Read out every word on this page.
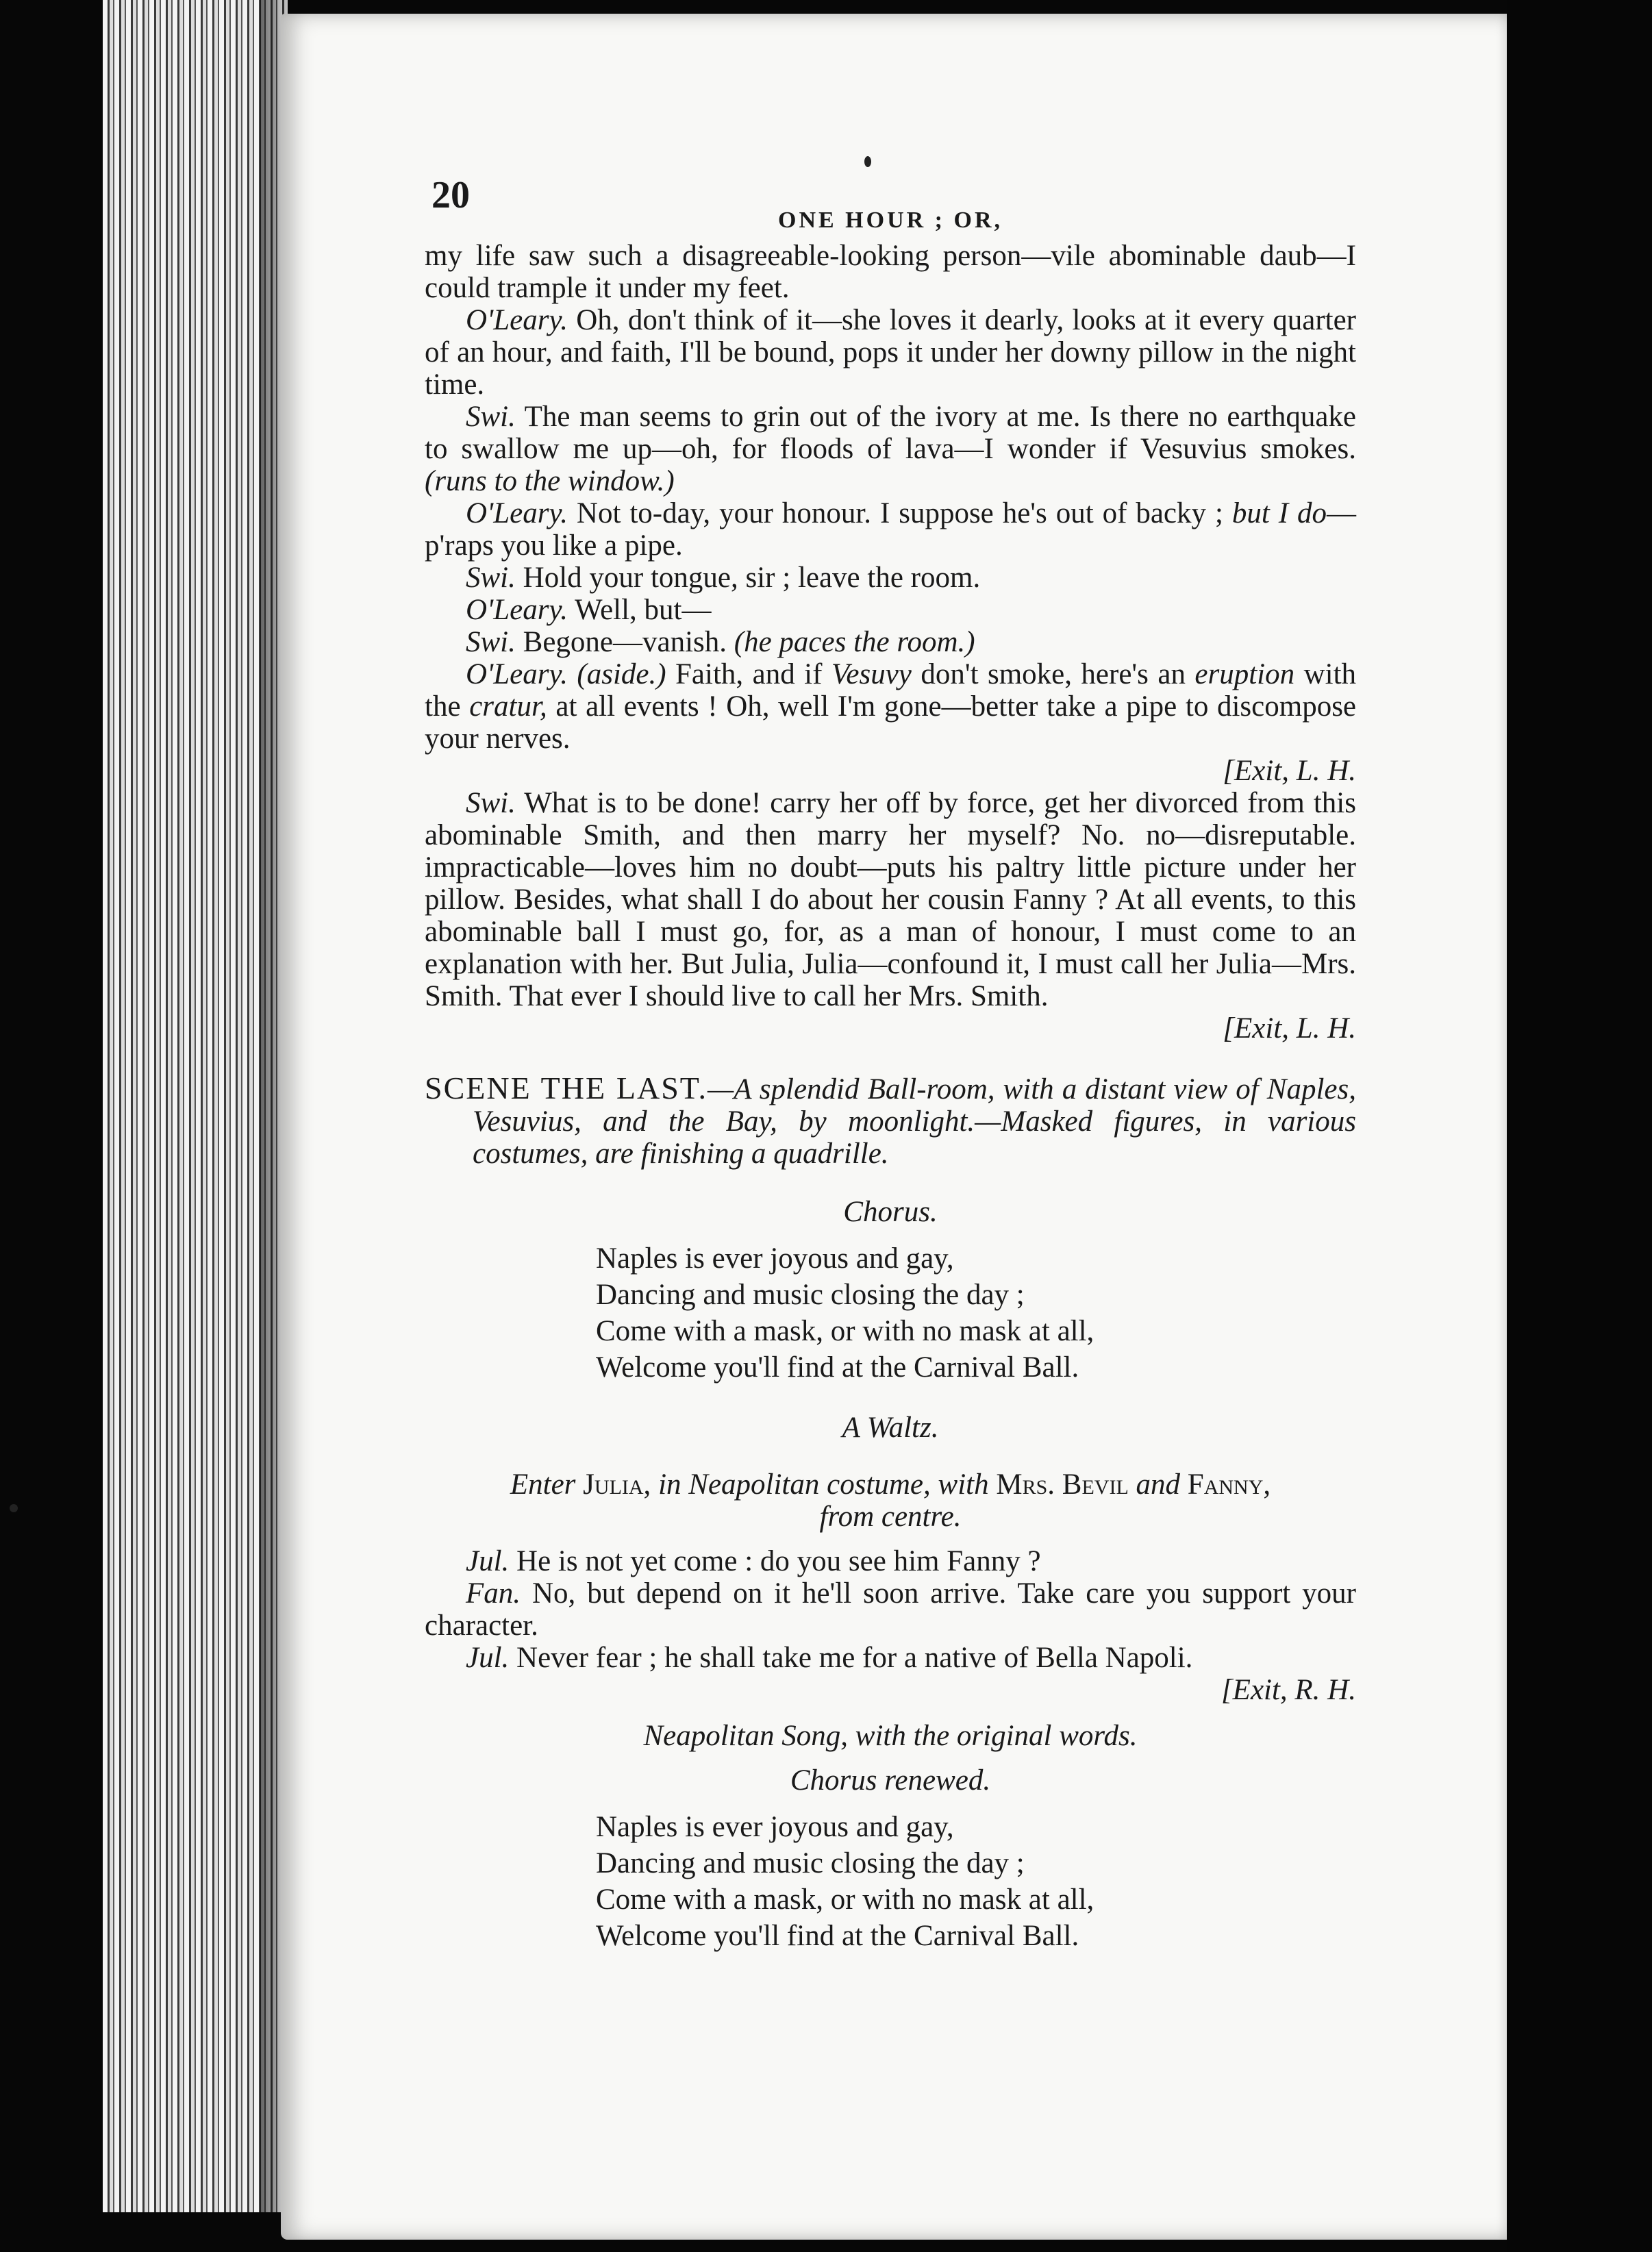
20
ONE HOUR ; OR,

my life saw such a disagreeable-looking person—vile abominable daub—I could trample it under my feet.

O'Leary. Oh, don't think of it—she loves it dearly, looks at it every quarter of an hour, and faith, I'll be bound, pops it under her downy pillow in the night time.

Swi. The man seems to grin out of the ivory at me. Is there no earthquake to swallow me up—oh, for floods of lava—I wonder if Vesuvius smokes. (runs to the window.)

O'Leary. Not to-day, your honour. I suppose he's out of backy ; but I do—p'raps you like a pipe.

Swi. Hold your tongue, sir ; leave the room.

O'Leary. Well, but—

Swi. Begone—vanish. (he paces the room.)

O'Leary. (aside.) Faith, and if Vesuvy don't smoke, here's an eruption with the cratur, at all events ! Oh, well I'm gone—better take a pipe to discompose your nerves.
[Exit, L. H.

Swi. What is to be done! carry her off by force, get her divorced from this abominable Smith, and then marry her myself? No. no—disreputable. impracticable—loves him no doubt—puts his paltry little picture under her pillow. Besides, what shall I do about her cousin Fanny ? At all events, to this abominable ball I must go, for, as a man of honour, I must come to an explanation with her. But Julia, Julia—confound it, I must call her Julia—Mrs. Smith. That ever I should live to call her Mrs. Smith.
[Exit, L. H.

SCENE THE LAST.—A splendid Ball-room, with a distant view of Naples, Vesuvius, and the Bay, by moonlight.—Masked figures, in various costumes, are finishing a quadrille.

Chorus.
Naples is ever joyous and gay,
Dancing and music closing the day ;
Come with a mask, or with no mask at all,
Welcome you'll find at the Carnival Ball.
A Waltz.

Enter Julia, in Neapolitan costume, with Mrs. Bevil and Fanny,
from centre.

Jul. He is not yet come : do you see him Fanny ?

Fan. No, but depend on it he'll soon arrive. Take care you support your character.

Jul. Never fear ; he shall take me for a native of Bella Napoli.
[Exit, R. H.

Neapolitan Song, with the original words.
Chorus renewed.
Naples is ever joyous and gay,
Dancing and music closing the day ;
Come with a mask, or with no mask at all,
Welcome you'll find at the Carnival Ball.
